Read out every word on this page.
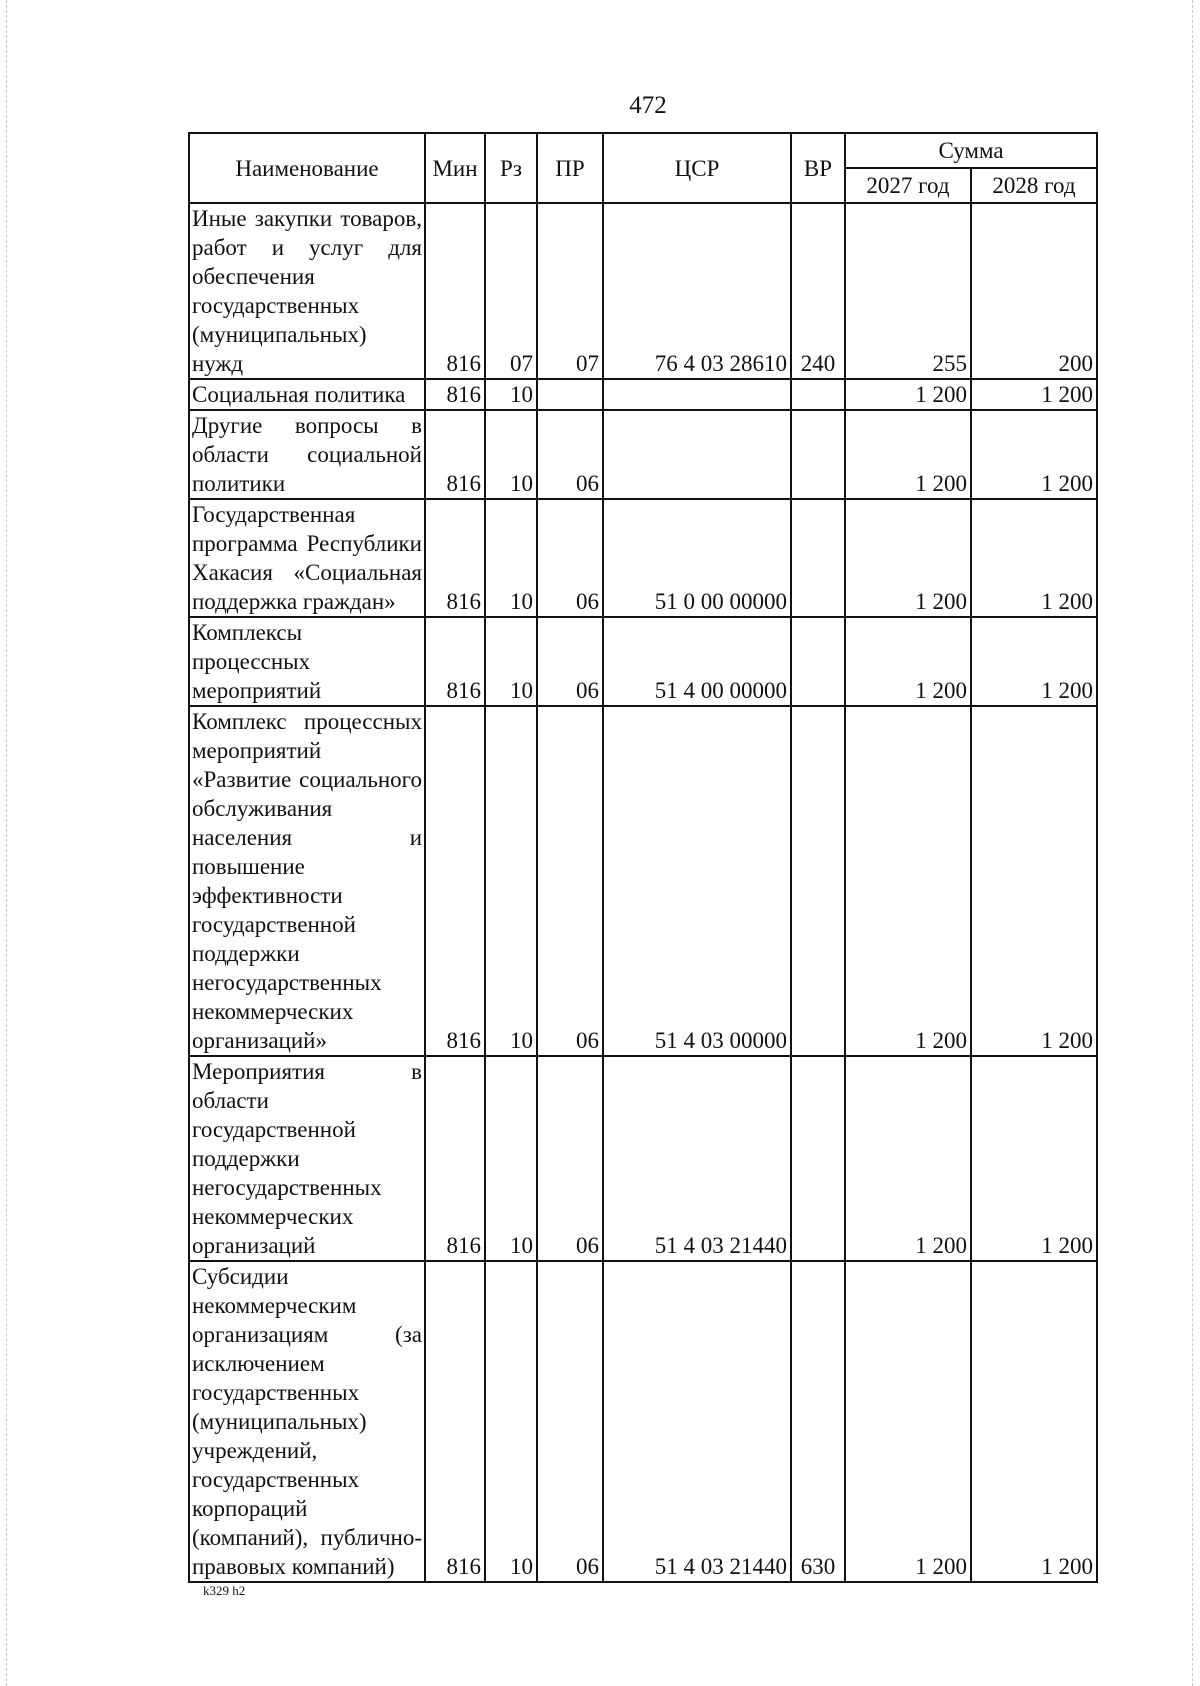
472
Наименование	Мин	Рз	ПР	ЦСР	ВР	Сумма	
						2027 год	2028 год
Иные закупки товаров, работ и услуг для обеспечения государственных (муниципальных) нужд	816	07	07	76 4 03 28610	240	255	200
Социальная политика	816	10				1 200	1 200
Другие вопросы в области социальной политики	816	10	06			1 200	1 200
Государственная программа Республики Хакасия «Социальная поддержка граждан»	816	10	06	51 0 00 00000		1 200	1 200
Комплексы процессных мероприятий	816	10	06	51 4 00 00000		1 200	1 200
Комплекс процессных мероприятий «Развитие социального обслуживания населения и повышение эффективности государственной поддержки негосударственных некоммерческих организаций»	816	10	06	51 4 03 00000		1 200	1 200
Мероприятия в области государственной поддержки негосударственных некоммерческих организаций	816	10	06	51 4 03 21440		1 200	1 200
Субсидии некоммерческим организациям (за исключением государственных (муниципальных) учреждений, государственных корпораций (компаний), публично-правовых компаний)	816	10	06	51 4 03 21440	630	1 200	1 200
k329 h2
